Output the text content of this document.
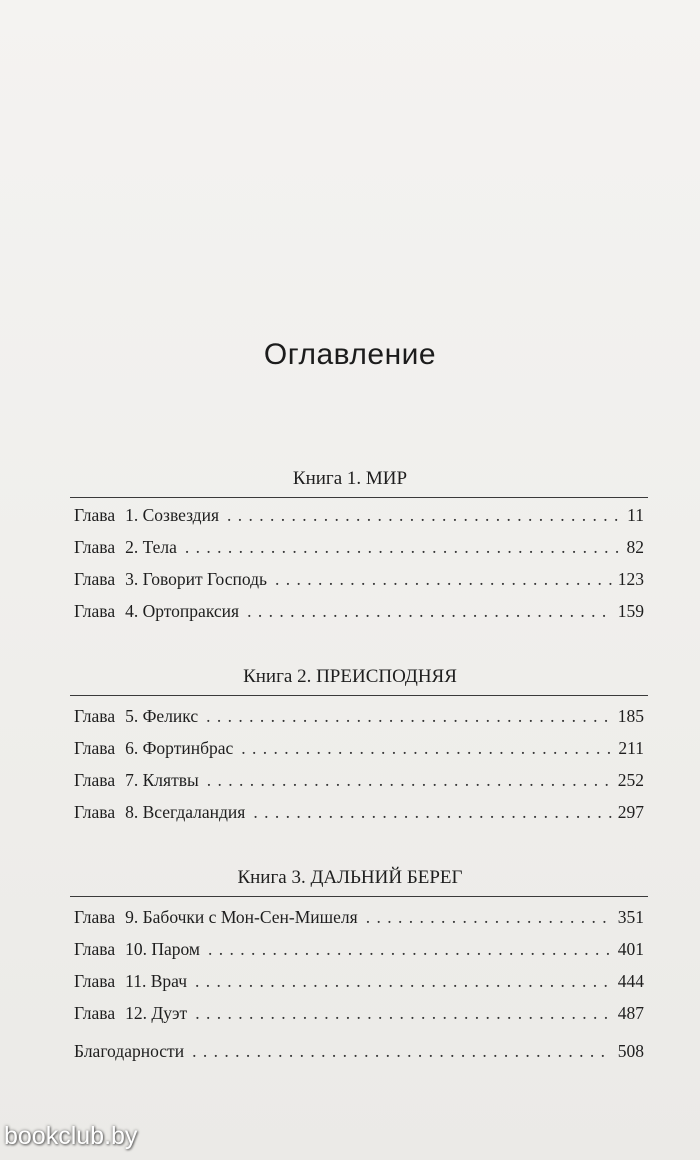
Оглавление
Книга 1. МИР
Глава 1. Созвездия . . .	11
Глава 2. Тела . . .	82
Глава 3. Говорит Господь . . .	123
Глава 4. Ортопраксия . . .	159
Книга 2. ПРЕИСПОДНЯЯ
Глава 5. Феликс . . .	185
Глава 6. Фортинбрас . . .	211
Глава 7. Клятвы . . .	252
Глава 8. Всегдаландия . . .	297
Книга 3. ДАЛЬНИЙ БЕРЕГ
Глава 9. Бабочки с Мон-Сен-Мишеля . . .	351
Глава 10. Паром . . .	401
Глава 11. Врач . . .	444
Глава 12. Дуэт . . .	487
Благодарности . . .	508
bookclub.by
